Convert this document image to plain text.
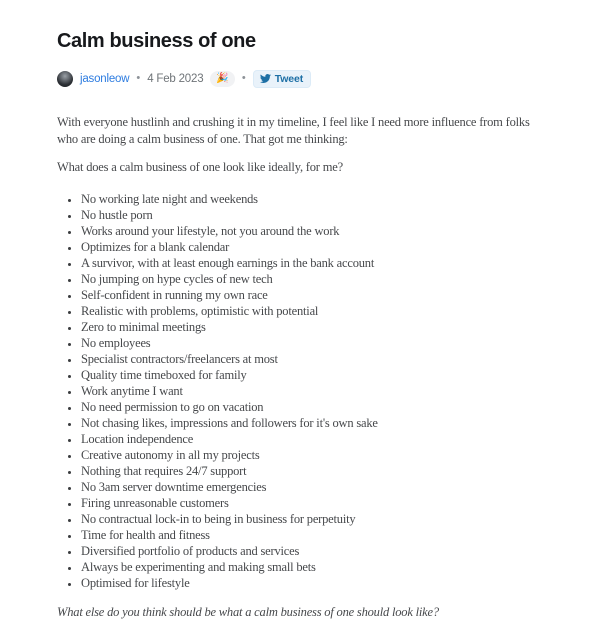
Calm business of one
jasonleow • 4 Feb 2023	🎉	•	Tweet

With everyone hustlinh and crushing it in my timeline, I feel like I need more influence from folks who are doing a calm business of one. That got me thinking:

What does a calm business of one look like ideally, for me?

• No working late night and weekends
• No hustle porn
• Works around your lifestyle, not you around the work
• Optimizes for a blank calendar
• A survivor, with at least enough earnings in the bank account
• No jumping on hype cycles of new tech
• Self-confident in running my own race
• Realistic with problems, optimistic with potential
• Zero to minimal meetings
• No employees
• Specialist contractors/freelancers at most
• Quality time timeboxed for family
• Work anytime I want
• No need permission to go on vacation
• Not chasing likes, impressions and followers for it's own sake
• Location independence
• Creative autonomy in all my projects
• Nothing that requires 24/7 support
• No 3am server downtime emergencies
• Firing unreasonable customers
• No contractual lock-in to being in business for perpetuity
• Time for health and fitness
• Diversified portfolio of products and services
• Always be experimenting and making small bets
• Optimised for lifestyle

What else do you think should be what a calm business of one should look like?
